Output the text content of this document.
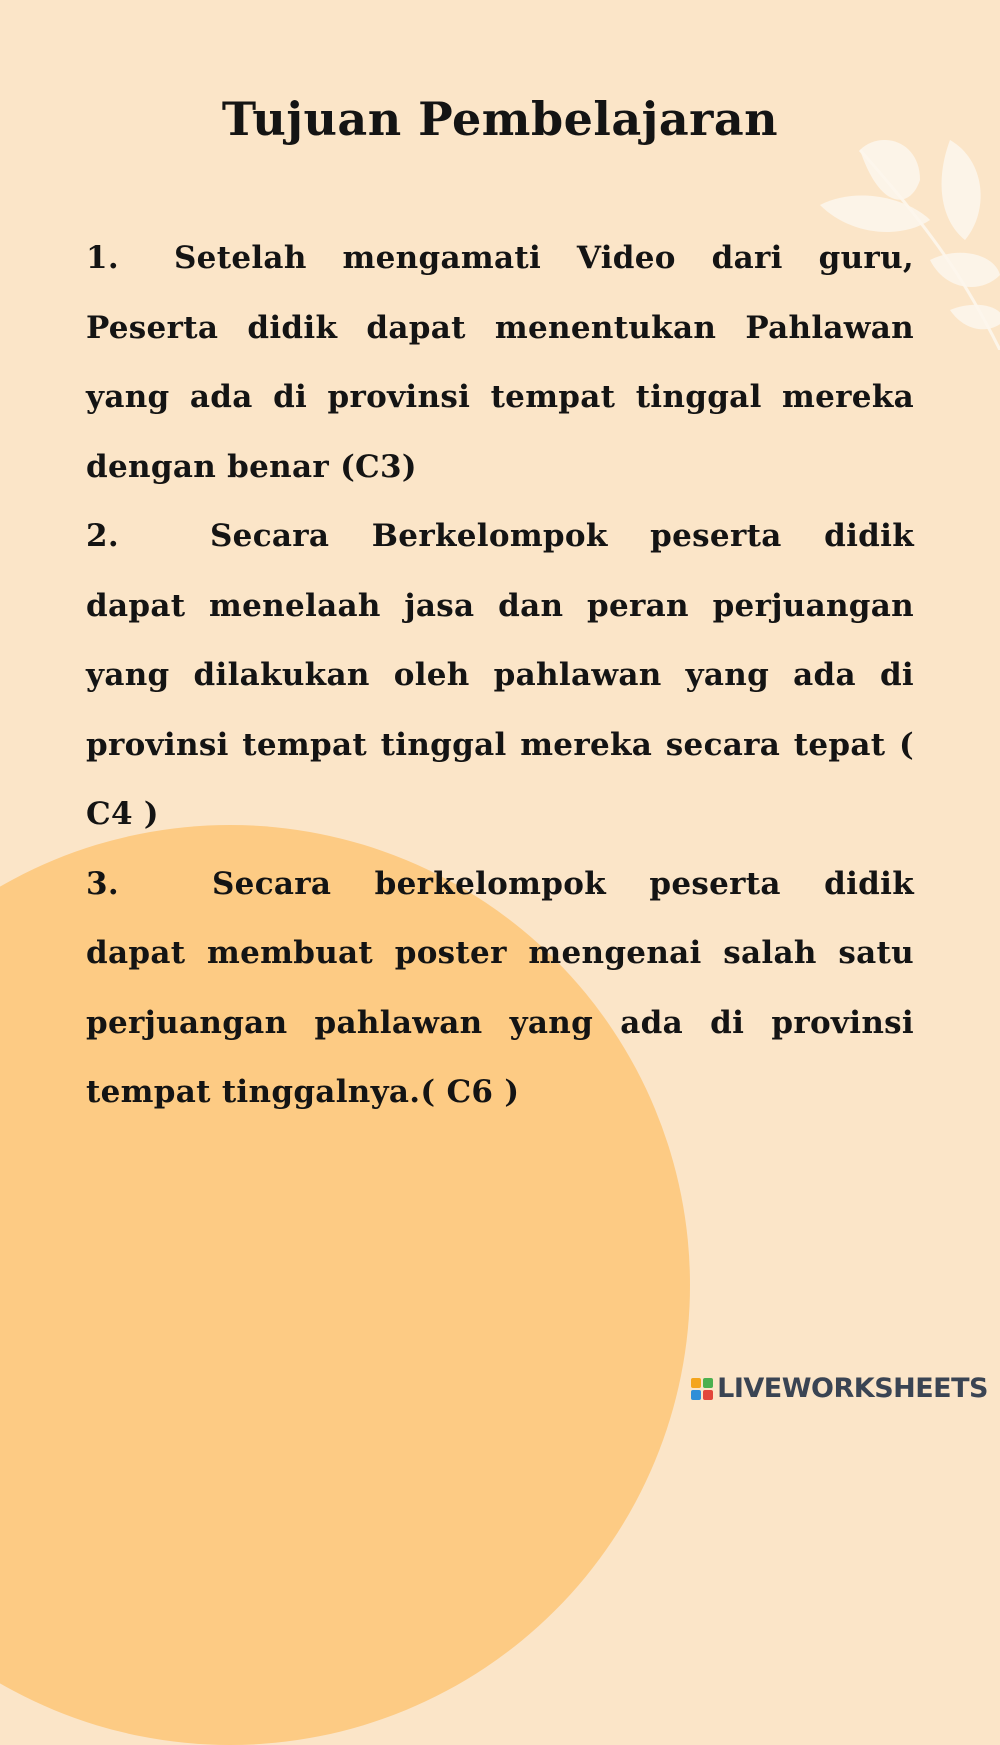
Tujuan Pembelajaran

1. Setelah mengamati Video dari guru, Peserta didik dapat menentukan Pahlawan yang ada di provinsi tempat tinggal mereka dengan benar (C3)

2.	Secara Berkelompok peserta didik dapat menelaah jasa dan peran perjuangan yang dilakukan oleh pahlawan yang ada di provinsi tempat tinggal mereka secara tepat ( C4 )

3.	Secara berkelompok peserta didik dapat membuat poster mengenai salah satu perjuangan pahlawan yang ada di provinsi tempat tinggalnya.( C6 )

LIVEWORKSHEETS
